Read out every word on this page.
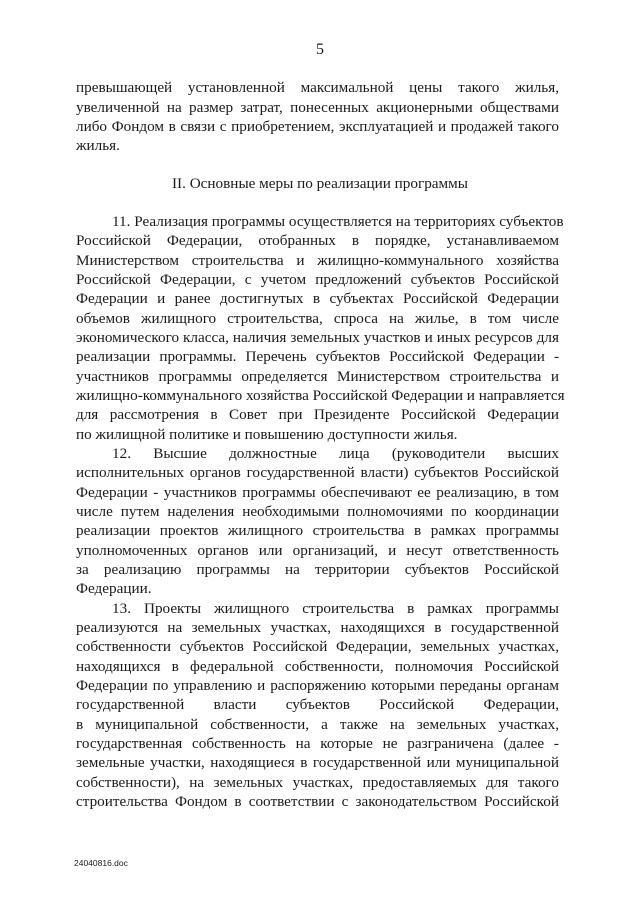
5
превышающей установленной максимальной цены такого жилья,
увеличенной на размер затрат, понесенных акционерными обществами
либо Фондом в связи с приобретением, эксплуатацией и продажей такого
жилья.
II. Основные меры по реализации программы
11. Реализация программы осуществляется на территориях субъектов
Российской Федерации, отобранных в порядке, устанавливаемом
Министерством строительства и жилищно-коммунального хозяйства
Российской Федерации, с учетом предложений субъектов Российской
Федерации и ранее достигнутых в субъектах Российской Федерации
объемов жилищного строительства, спроса на жилье, в том числе
экономического класса, наличия земельных участков и иных ресурсов для
реализации программы. Перечень субъектов Российской Федерации -
участников программы определяется Министерством строительства и
жилищно-коммунального хозяйства Российской Федерации и направляется
для рассмотрения в Совет при Президенте Российской Федерации
по жилищной политике и повышению доступности жилья.
12. Высшие должностные лица (руководители высших
исполнительных органов государственной власти) субъектов Российской
Федерации - участников программы обеспечивают ее реализацию, в том
числе путем наделения необходимыми полномочиями по координации
реализации проектов жилищного строительства в рамках программы
уполномоченных органов или организаций, и несут ответственность
за реализацию программы на территории субъектов Российской
Федерации.
13. Проекты жилищного строительства в рамках программы
реализуются на земельных участках, находящихся в государственной
собственности субъектов Российской Федерации, земельных участках,
находящихся в федеральной собственности, полномочия Российской
Федерации по управлению и распоряжению которыми переданы органам
государственной власти субъектов Российской Федерации,
в муниципальной собственности, а также на земельных участках,
государственная собственность на которые не разграничена (далее -
земельные участки, находящиеся в государственной или муниципальной
собственности), на земельных участках, предоставляемых для такого
строительства Фондом в соответствии с законодательством Российской
24040816.doc
